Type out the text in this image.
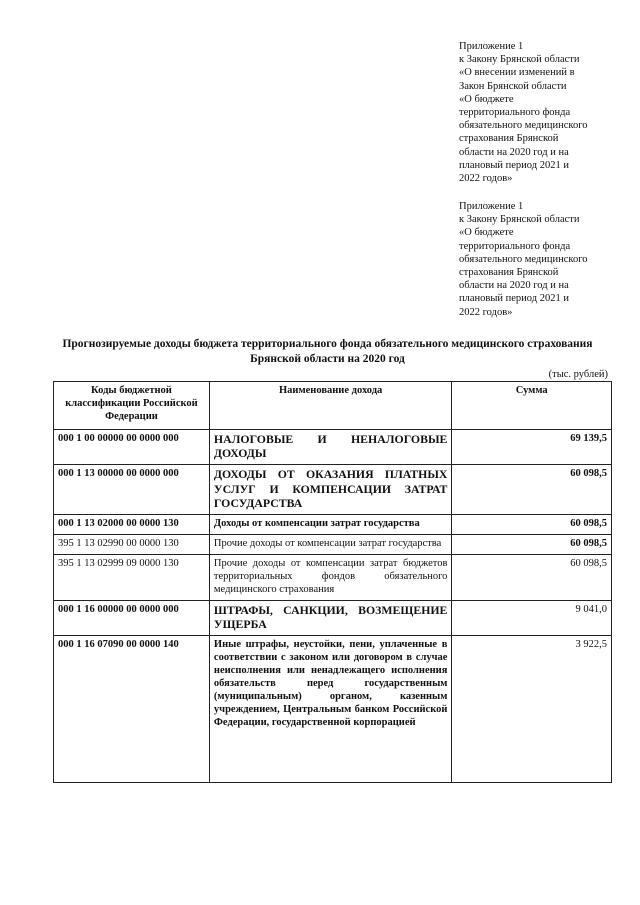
Приложение 1
к Закону Брянской области
«О внесении изменений в
Закон Брянской области
«О бюджете
территориального фонда
обязательного медицинского
страхования Брянской
области на 2020 год и на
плановый период 2021 и
2022 годов»
Приложение 1
к Закону Брянской области
«О бюджете
территориального фонда
обязательного медицинского
страхования Брянской
области на 2020 год и на
плановый период 2021 и
2022 годов»
Прогнозируемые доходы бюджета территориального фонда обязательного медицинского страхования Брянской области на 2020 год
(тыс. рублей)
Коды бюджетной классификации Российской Федерации	Наименование дохода	Сумма
000 1 00 00000 00 0000 000	НАЛОГОВЫЕ И НЕНАЛОГОВЫЕ ДОХОДЫ	69 139,5
000 1 13 00000 00 0000 000	ДОХОДЫ ОТ ОКАЗАНИЯ ПЛАТНЫХ УСЛУГ И КОМПЕНСАЦИИ ЗАТРАТ ГОСУДАРСТВА	60 098,5
000 1 13 02000 00 0000 130	Доходы от компенсации затрат государства	60 098,5
395 1 13 02990 00 0000 130	Прочие доходы от компенсации затрат государства	60 098,5
395 1 13 02999 09 0000 130	Прочие доходы от компенсации затрат бюджетов территориальных фондов обязательного медицинского страхования	60 098,5
000 1 16 00000 00 0000 000	ШТРАФЫ, САНКЦИИ, ВОЗМЕЩЕНИЕ УЩЕРБА	9 041,0
000 1 16 07090 00 0000 140	Иные штрафы, неустойки, пени, уплаченные в соответствии с законом или договором в случае неисполнения или ненадлежащего исполнения обязательств перед государственным (муниципальным) органом, казенным учреждением, Центральным банком Российской Федерации, государственной корпорацией	3 922,5
